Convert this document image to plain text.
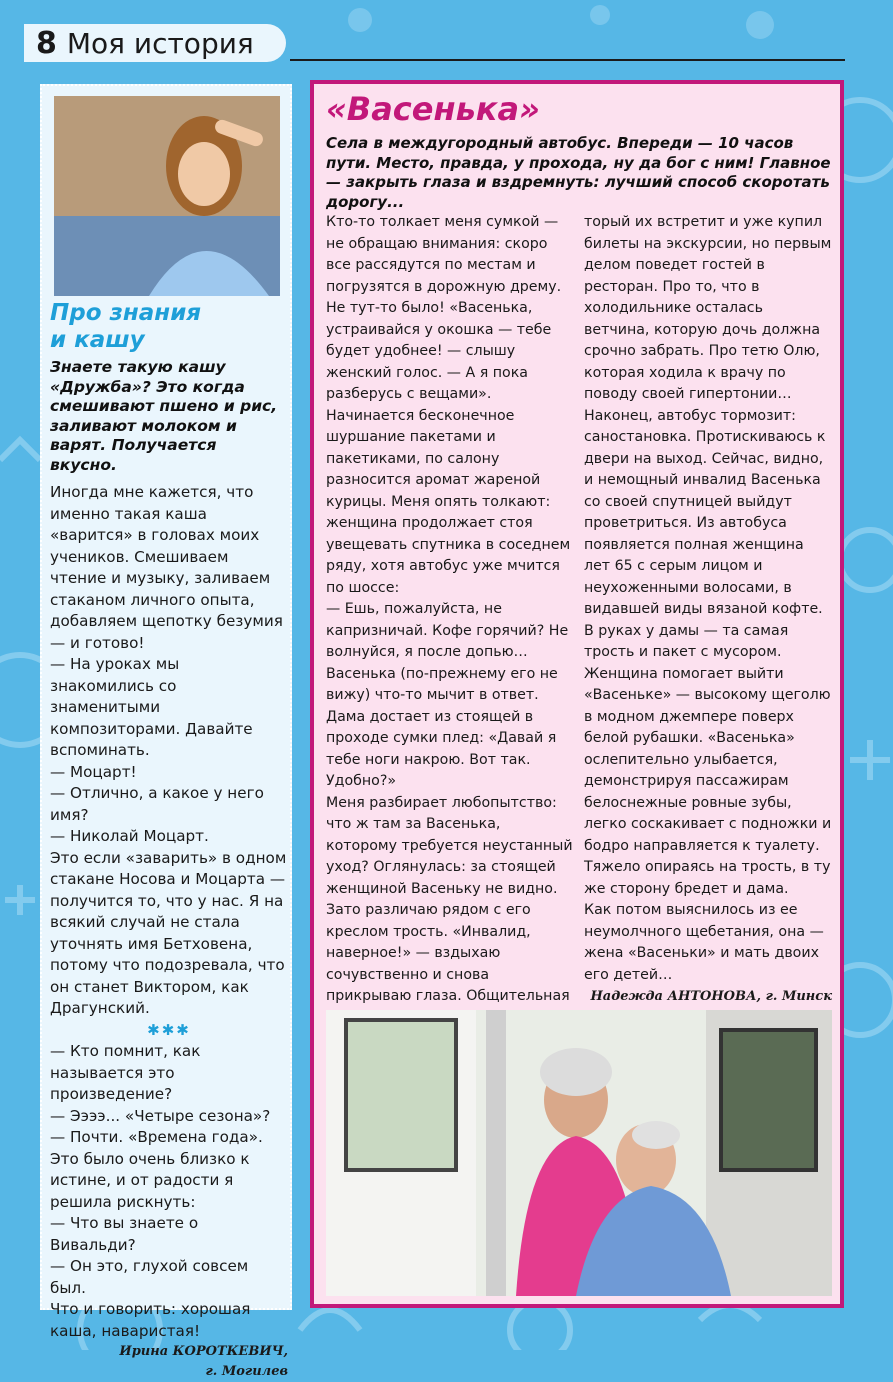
8 Моя история
Про знания
и кашу
Знаете такую кашу «Дружба»? Это когда смешивают пшено и рис, заливают молоком и варят. Получается вкусно.

Иногда мне кажется, что именно такая каша «варится» в головах моих учеников. Смешиваем чтение и музыку, заливаем стаканом личного опыта, добавляем щепотку безумия — и готово!

— На уроках мы знакомились со знаменитыми композиторами. Давайте вспоминать.

— Моцарт!

— Отлично, а какое у него имя?

— Николай Моцарт.

Это если «заварить» в одном стакане Носова и Моцарта — получится то, что у нас. Я на всякий случай не стала уточнять имя Бетховена, потому что подозревала, что он станет Виктором, как Драгунский.

✱✱✱

— Кто помнит, как называется это произведение?

— Ээээ... «Четыре сезона»?

— Почти. «Времена года». Это было очень близко к истине, и от радости я решила рискнуть:

— Что вы знаете о Вивальди?

— Он это, глухой совсем был.

Что и говорить: хорошая каша, наваристая!

Ирина КОРОТКЕВИЧ,
г. Могилев
«Васенька»
Села в междугородный автобус. Впереди — 10 часов пути. Место, правда, у прохода, ну да бог с ним! Главное — закрыть глаза и вздремнуть: лучший способ скоротать дорогу...

Кто-то толкает меня сумкой — не обращаю внимания: скоро все рассядутся по местам и погрузятся в дорожную дрему. Не тут-то было! «Васенька, устраивайся у окошка — тебе будет удобнее! — слышу женский голос. — А я пока разберусь с вещами». Начинается бесконечное шуршание пакетами и пакетиками, по салону разносится аромат жареной курицы. Меня опять толкают: женщина продолжает стоя увещевать спутника в соседнем ряду, хотя автобус уже мчится по шоссе:

— Ешь, пожалуйста, не капризничай. Кофе горячий? Не волнуйся, я после допью…

Васенька (по-прежнему его не вижу) что-то мычит в ответ. Дама достает из стоящей в проходе сумки плед: «Давай я тебе ноги накрою. Вот так. Удобно?»

Меня разбирает любопытство: что ж там за Васенька, которому требуется неустанный уход? Оглянулась: за стоящей женщиной Васеньку не видно. Зато различаю рядом с его креслом трость. «Инвалид, наверное!» — вздыхаю сочувственно и снова прикрываю глаза. Общительная

торый их встретит и уже купил билеты на экскурсии, но первым делом поведет гостей в ресторан. Про то, что в холодильнике осталась ветчина, которую дочь должна срочно забрать. Про тетю Олю, которая ходила к врачу по поводу своей гипертонии…

Наконец, автобус тормозит: саностановка. Протискиваюсь к двери на выход. Сейчас, видно, и немощный инвалид Васенька со своей спутницей выйдут проветриться. Из автобуса появляется полная женщина лет 65 с серым лицом и неухоженными волосами, в видавшей виды вязаной кофте. В руках у дамы — та самая трость и пакет с мусором. Женщина помогает выйти «Васеньке» — высокому щеголю в модном джемпере поверх белой рубашки. «Васенька» ослепительно улыбается, демонстрируя пассажирам белоснежные ровные зубы, легко соскакивает с подножки и бодро направляется к туалету. Тяжело опираясь на трость, в ту же сторону бредет и дама.

Как потом выяснилось из ее неумолчного щебетания, она — жена «Васеньки» и мать двоих его детей…

Надежда АНТОНОВА, г. Минск
